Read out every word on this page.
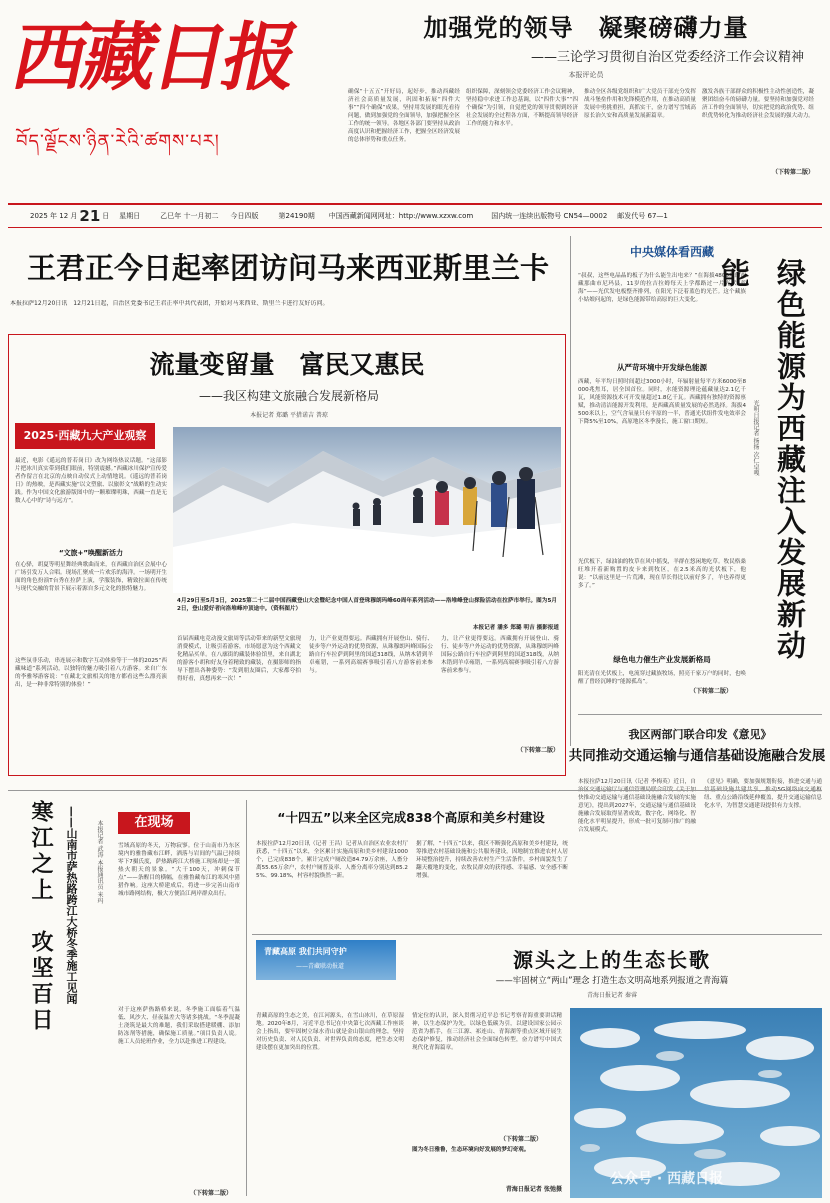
西藏日报
བོད་ལྗོངས་ཉིན་རེའི་ཚགས་པར།
加强党的领导　凝聚磅礴力量
——三论学习贯彻自治区党委经济工作会议精神
本报评论员
确保“十五五”开好局，起好步，推动西藏经济社会高质量发展，巩固和拓展“四件大事”“四个确保”成果，坚持用发展的眼光看待问题，做到加强党的全面领导，加强把握全区工作的统一领导。各地区各部门要坚持从政治高度认识和把握经济工作，把握全区经济发展的总体形势和重点任务。
组织保障，深刻领会党委经济工作会议精神，坚持稳中求进工作总基调，以“四件大事”“四个确保”为引领，自觉把党的领导贯彻到经济社会发展的全过程各方面，不断提高领导经济工作的能力和水平。
推动全区各级党组织和广大党员干部充分发挥战斗堡垒作用和先锋模范作用，在推动高质量发展中勇挑重担，真抓实干，奋力谱写雪域高原长治久安和高质量发展新篇章。
激发各族干部群众的积极性主动性创造性，凝聚团结奋斗的磅礴力量。要坚持和加强党对经济工作的全面领导，切实把党的政治优势、组织优势转化为推动经济社会发展的强大动力。
（下转第二版）
2025 年 12 月 21 日 星期日	乙巳年 十一月初二 今日四版	第24190期 中国西藏新闻网网址：http://www.xzxw.com	国内统一连续出版物号 CN54—0002 邮发代号 67—1
王君正今日起率团访问马来西亚斯里兰卡
本报拉萨12月20日讯　12月21日起，自治区党委书记王君正率中共代表团，开始对马来西亚、斯里兰卡进行友好访问。
流量变留量　富民又惠民
——我区构建文旅融合发展新格局
本报记者 郑璐 平措诺吉 普琼
2025·西藏九大产业观察
最近，电影《遥远的普若岗日》改为网络热议话题。“这部影片把冰川真实带到我们眼前，特别震撼。”西藏冰川保护宣传爱者作留言在北京的点映自动仪式上动情地说。《遥远的普若岗日》的热映，是西藏实施“以文塑旅、以旅彰文”战略的生动实践。作为中国文化旅游版图中的一颗璀璨明珠，西藏一直是无数人心中的“诗与远方”。
“文旅+”唤醒新活力
在心驿，胡夏等明星舞经典歌曲而来，在西藏自治区会展中心广场引发万人合唱。现场汇聚成一片欢乐的海洋。一场明开生面的角色扮演T台秀在拉萨上演，学服装饰，精致拉面在传统与现代交融的背景下展示着源自多元文化的独特魅力。
这些氛非乐动，串连展示和数字互动体验等于一体的2025“西藏味道”系列活动，以独特的魅力吸引着八方游客。来自广东的李雅琴游客说：“在藏北文旅相关的地方都看这些么漂亮演出，是一种非常特别的体验！”
4月29日至5月3日，2025第二十二届中国西藏登山大会暨纪念中国人首登珠穆朗玛峰60周年系列活动——洛堆峰登山探险活动在拉萨市举行。图为5月2日，登山爱好者向洛堆峰冲顶途中。（资料图片）
本报记者 潘多 郑璐 明吉 摄影报道
首届西藏电竞动漫文旅周等活动带来的新型文旅现消费模式，让吸引着游客，市场愿意为这个西藏文化精品买单。在八廓街的藏装体验馆里，来自湖北的游客小胡和好友身着精致的藏装，在摄影师的指导下摆出各种姿势：“发到朋友圈后，大家都夸拍得好看，真想再来一次！”
力，让产业更得要远。西藏拥有开展登山、骑行、徒步等户外运动的优势资源，从珠穆朗玛峰国际公路自行车拉萨到阿里的国道318线，从纳木错到羊卓雍错，一系列高端赛事吸引着八方游客前来参与。
力，让产业更得要远。西藏拥有开展登山、骑行、徒步等户外运动的优势资源，从珠穆朗玛峰国际公路自行车拉萨到阿里的国道318线，从纳木错到羊卓雍错，一系列高端赛事吸引着八方游客前来参与。
（下转第二版）
中央媒体看西藏
“叔叔，这些电晶晶的板子为什么能生出电来？”在海拔4800米的西藏那曲市尼玛县，11岁的拉吉拉姆每天上学都路过一片光伏“蓝海”——光伏发电板整齐排列，在阳光下泛着蓝色的光芒。这个藏族小姑娘问起的，是绿色能源带给高原的巨大变化。
从严苛环境中开发绿色能源
西藏，年平均日照时间超过3000小时，年辐射量每平方米6000至8000兆焦耳，居全国首位。同时，水能资源理论蕴藏量达2.1亿千瓦，风能资源技术可开发量超过1.8亿千瓦。西藏拥有独特的资源禀赋，推动清洁能源开发利用，是西藏高质量发展的必然选择。海拔4500米以上，空气含氧量只有平原的一半，普通光伏组件发电效率会下降5%至10%，高原地区冬季漫长，施工窗口期短。
光伏板下，绿油油的牧草在风中摇曳，羊群在悠闲地吃草。牧民格桑旺堆开着新购置的皮卡来到牧区，在2.5米高的光伏板下，他说：“以前这里是一片荒滩，现在草长得比以前好多了，羊也养得更多了。”
绿色电力催生产业发展新格局
阳光清在光伏板上，电流穿过藏族牧场，照亮千家万户的同时，也唤醒了曾经沉睡的“能源孤岛”。
（下转第二版）
绿色能源为西藏注入发展新动能
光明日报记者 扬扬 次仁卓嘎
我区两部门联合印发《意见》
共同推动交通运输与通信基础设施融合发展
本报拉萨12月20日讯（记者 李梅英）近日，自 快推动交通运输与通信基础设施融合发展的实施意见》，提出到2027年，交通运输与通信基础设施融合发展取得显著成效，数字化、网络化、智能化水平明显提升，形成一批可复制可推广的融合发展模式。
《意见》明确，要加强规划衔接，推进交通与通 纽、重点公路沿线延伸覆盖，提升交通运输信息化水平，为智慧交通建设提供有力支撑。
在现场
寒江之上　攻坚百日	——山南市萨热路跨江大桥冬季施工见闻	本报记者 武涛 本报通讯员 米玛	雪域高原的冬天，万物寂寥。位于山南市乃东区境内的雅鲁藏布江畔，洒落与岩间的气温已持续零下7摄氏度，萨热路跨江大桥施工现场却是一派热火朝天的景象。“大干100天，冲刺保节点”——条醒目的横幅，在雅鲁藏布江的寒风中猎猎作响。这座大桥建成后，将进一步完善山南市城市路网结构，极大方便沿江两岸群众出行。
对于这座萨热路桥来说，冬季施工面临着气温低、风沙大、昼夜温差大等诸多挑战。“冬季混凝土浇筑是最大的难题，我们采取搭建暖棚、添加防冻剂等措施，确保施工质量。”项目负责人说。施工人员轮班作业，全力以赴推进工程建设。
（下转第二版）
“十四五”以来全区完成838个高原和美乡村建设
本报拉萨12月20日讯（记者 王昌）记者从自治区农业农村厅获悉，“十四五”以来，全区累计实施高原和美乡村建设1000个，已完成838个。累计完成户厕改造84.79万余座，人畜分离55.65万余户，农村户厕普及率、人畜分离率分别达到85.25%、99.18%，村容村貌焕然一新。
据了解，“十四五”以来，我区不断强化高原和美乡村建设，统筹推进农村基础设施和公共服务建设，因地制宜推进农村人居环境整治提升，持续改善农村生产生活条件，乡村面貌发生了翻天覆地的变化，农牧民群众的获得感、幸福感、安全感不断增强。
青藏高原 我们共同守护
——青藏联动报道	源头之上的生态长歌
——牢固树立“两山”理念 打造生态文明高地系列报道之青海篇
青海日报记者 秦睿
青藏高原的生态之美，在江河源头，在雪山冰川，在草原湿地。2020年8月，习近平总书记在中央第七次西藏工作座谈会上指出，要牢固树立绿水青山就是金山银山的理念，坚持对历史负责、对人民负责、对世界负责的态度，把生态文明建设摆在更加突出的位置。
情定位的认识，深入贯彻习近平总书记考察青海重要讲话精神，以生态保护为先，以绿色低碳为引，以建设国家公园示范省为抓手，在三江源、祁连山、青海湖等重点区域开展生态保护修复，推动经济社会全面绿色转型，奋力谱写中国式现代化青海篇章。
图为冬日雅鲁，生态环境向好发展的梦幻奇观。
青海日报记者 张弛摄
（下转第二版）
公众号 · 西藏日报
